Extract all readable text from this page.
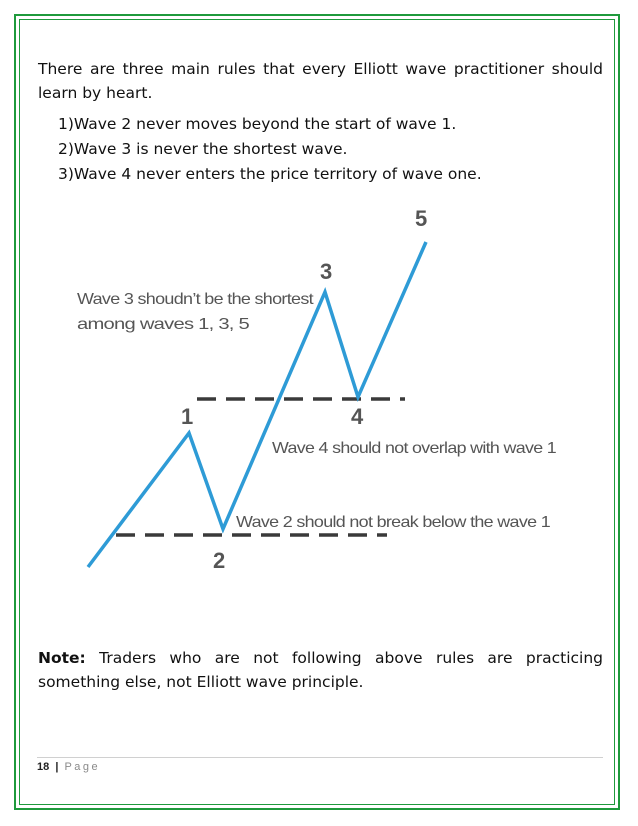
There are three main rules that every Elliott wave practitioner should learn by heart.

1)Wave 2 never moves beyond the start of wave 1.
2)Wave 3 is never the shortest wave.
3)Wave 4 never enters the price territory of wave one.
1
2
3
4
5
Wave 3 shoudn’t be the shortest
among waves 1, 3, 5
Wave 4 should not overlap with wave 1
Wave 2 should not break below the wave 1

Note: Traders who are not following above rules are practicing something else, not Elliott wave principle.

18 | Page
